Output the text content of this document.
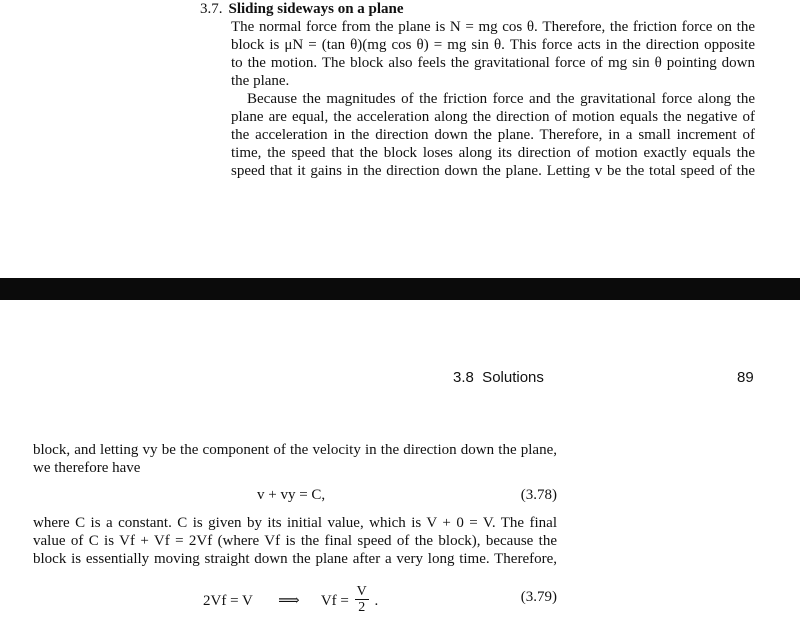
3.7. Sliding sideways on a plane

The normal force from the plane is N = mg cos θ. Therefore, the friction force on the
block is μN = (tan θ)(mg cos θ) = mg sin θ. This force acts in the direction opposite
to the motion. The block also feels the gravitational force of mg sin θ pointing down
the plane.

Because the magnitudes of the friction force and the gravitational force along the
plane are equal, the acceleration along the direction of motion equals the negative of
the acceleration in the direction down the plane. Therefore, in a small increment of
time, the speed that the block loses along its direction of motion exactly equals the
speed that it gains in the direction down the plane. Letting v be the total speed of the

3.8  Solutions	89
block, and letting vy be the component of the velocity in the direction down the plane,
we therefore have
v + vy = C,	(3.78)
where C is a constant. C is given by its initial value, which is V + 0 = V. The final
value of C is Vf + Vf = 2Vf (where Vf is the final speed of the block), because the
block is essentially moving straight down the plane after a very long time. Therefore,
2Vf = V ⟹ $Vf = \frac{V}{2}$ .	(3.79)
